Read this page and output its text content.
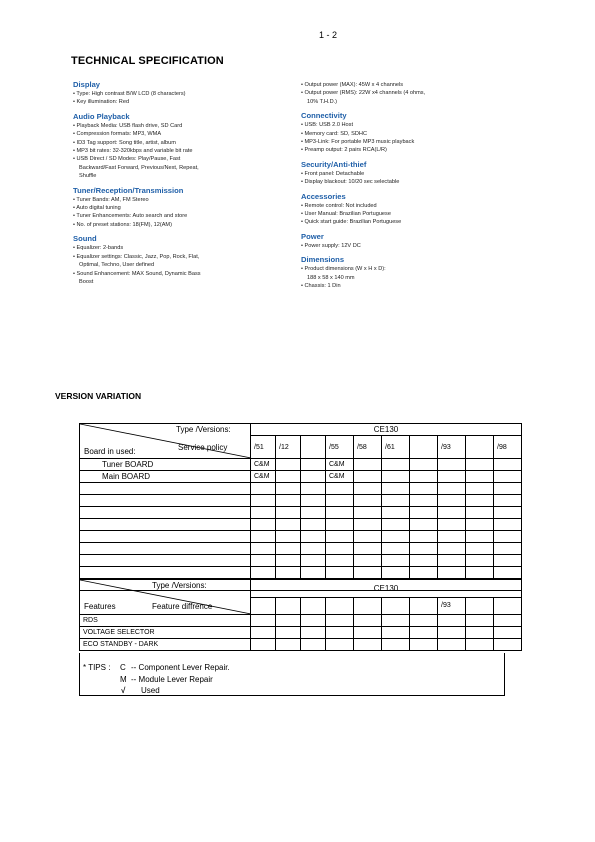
1 - 2
TECHNICAL SPECIFICATION
Display
• Type: High contrast B/W LCD (8 characters)
• Key illumination: Red
Audio Playback
• Playback Media: USB flash drive, SD Card
• Compression formats: MP3, WMA
• ID3 Tag support: Song title, artist, album
• MP3 bit rates: 32-320kbps and variable bit rate
• USB Direct / SD Modes: Play/Pause, Fast
Backward/Fast Forward, Previous/Next, Repeat,
Shuffle
Tuner/Reception/Transmission
• Tuner Bands: AM, FM Stereo
• Auto digital tuning
• Tuner Enhancements: Auto search and store
• No. of preset stations: 18(FM), 12(AM)
Sound
• Equalizer: 2-bands
• Equalizer settings: Classic, Jazz, Pop, Rock, Flat,
Optimal, Techno, User defined
• Sound Enhancement: MAX Sound, Dynamic Bass
Boost
• Output power (MAX): 45W x 4 channels
• Output power (RMS): 22W x4 channels (4 ohms,
10% T.H.D.)
Connectivity
• USB: USB 2.0 Host
• Memory card: SD, SDHC
• MP3-Link: For portable MP3 music playback
• Preamp output: 2 pairs RCA(L/R)
Security/Anti-thief
• Front panel: Detachable
• Display blackout: 10/20 sec selectable
Accessories
• Remote control: Not included
• User Manual: Brazilian Portuguese
• Quick start guide: Brazilian Portuguese
Power
• Power supply: 12V DC
Dimensions
• Product dimensions (W x H x D):
188 x 58 x 140 mm
• Chassis: 1 Din
VERSION VARIATION
Type /Versions:
Service policy
Board in used:	CE130									
	/51	/12		/55	/58	/61		/93		/98
Tuner BOARD	C&M			C&M						
Main BOARD	C&M			C&M						

Type /Versions:
Feature diffrence
Features	CE130									
								/93		
RDS										
VOLTAGE SELECTOR										
ECO STANDBY - DARK										
* TIPS : C -- Component Lever Repair.
M -- Module Lever Repair
√ Used
